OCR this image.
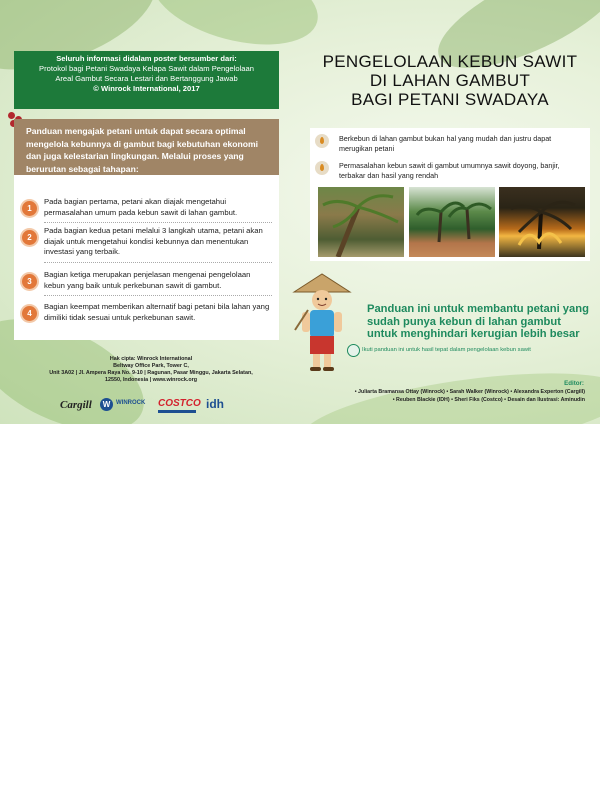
Seluruh informasi didalam poster bersumber dari:
Protokol bagi Petani Swadaya Kelapa Sawit dalam Pengelolaan
Areal Gambut Secara Lestari dan Bertanggung Jawab
© Winrock International, 2017
Panduan mengajak petani untuk dapat secara optimal mengelola kebunnya di gambut bagi kebutuhan ekonomi dan juga kelestarian lingkungan. Melalui proses yang berurutan sebagai tahapan:
1
Pada bagian pertama, petani akan diajak mengetahui permasalahan umum pada kebun sawit di lahan gambut.
2
Pada bagian kedua petani melalui 3 langkah utama, petani akan diajak untuk mengetahui kondisi kebunnya dan menentukan investasi yang terbaik.
3
Bagian ketiga merupakan penjelasan mengenai pengelolaan kebun yang baik untuk perkebunan sawit di gambut.
4
Bagian keempat memberikan alternatif bagi petani bila lahan yang dimiliki tidak sesuai untuk perkebunan sawit.
Hak cipta: Winrock International
Beltway Office Park, Tower C,
Unit 3A02 | Jl. Ampera Raya No. 9-10 | Ragunan, Pasar Minggu, Jakarta Selatan,
12550, Indonesia | www.winrock.org
Cargill	W WINROCK COSTCO idh
PENGELOLAAN KEBUN SAWIT
DI LAHAN GAMBUT
BAGI PETANI SWADAYA
Berkebun di lahan gambut bukan hal yang mudah dan justru dapat merugikan petani
Permasalahan kebun sawit di gambut umumnya sawit doyong, banjir, terbakar dan hasil yang rendah
Panduan ini untuk membantu petani yang sudah punya kebun di lahan gambut untuk menghindari kerugian lebih besar
Ikuti panduan ini untuk hasil tepat dalam pengelolaan kebun sawit
Editor:
• Juliarta Bramansa Ottay (Winrock) • Sarah Walker (Winrock) • Alexandra Experton (Cargill)
• Reuben Blackie (IDH) • Sheri Fiks (Costco) • Desain dan Ilustrasi: Aminudin
